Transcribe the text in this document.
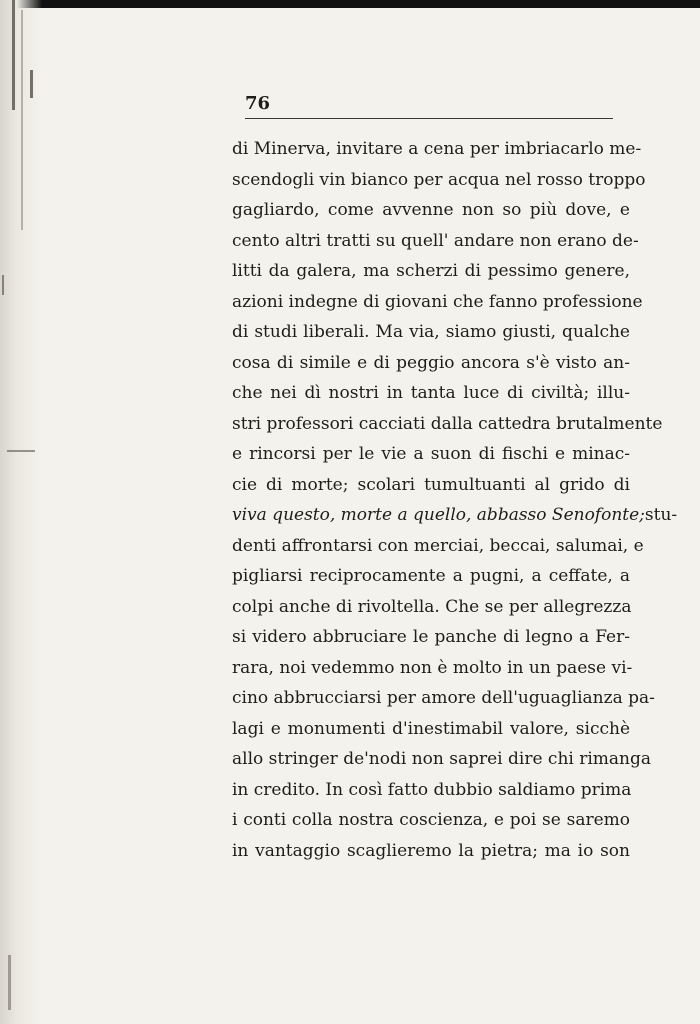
76
di Minerva, invitare a cena per imbriacarlo me-
scendogli vin bianco per acqua nel rosso troppo
gagliardo, come avvenne non so più dove, e
cento altri tratti su quell' andare non erano de-
litti da galera, ma scherzi di pessimo genere,
azioni indegne di giovani che fanno professione
di studi liberali. Ma via, siamo giusti, qualche
cosa di simile e di peggio ancora s'è visto an-
che nei dì nostri in tanta luce di civiltà; illu-
stri professori cacciati dalla cattedra brutalmente
e rincorsi per le vie a suon di fischi e minac-
cie di morte; scolari tumultuanti al grido di
viva questo, morte a quello, abbasso Senofonte; stu-
denti affrontarsi con merciai, beccai, salumai, e
pigliarsi reciprocamente a pugni, a ceffate, a
colpi anche di rivoltella. Che se per allegrezza
si videro abbruciare le panche di legno a Fer-
rara, noi vedemmo non è molto in un paese vi-
cino abbrucciarsi per amore dell'uguaglianza pa-
lagi e monumenti d'inestimabil valore, sicchè
allo stringer de'nodi non saprei dire chi rimanga
in credito. In così fatto dubbio saldiamo prima
i conti colla nostra coscienza, e poi se saremo
in vantaggio scaglieremo la pietra; ma io son
